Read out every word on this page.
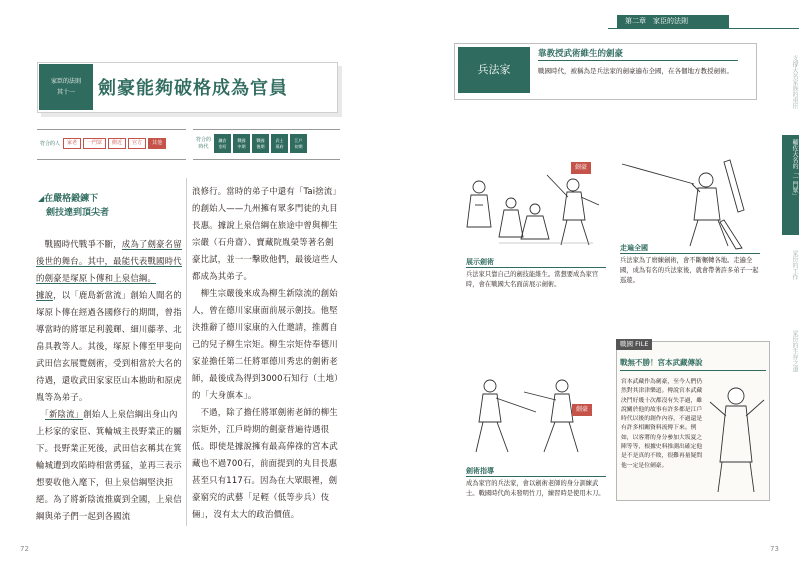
家臣的法則
其十一	劍豪能夠破格成為官員
符合的人	家老	一門眾	側近	官方	其他	符合的
時代
鎌倉
室町
戰國
中期
戰國
後期
武士
幕府
江戶
初期
◢在嚴格鍛鍊下
劍技達到頂尖者

　戰國時代戰爭不斷，成為了劍豪名留後世的舞台。其中，最能代表戰國時代的劍豪是塚原卜傳和上泉信綱。

據說，以「鹿島新當流」創始人聞名的塚原卜傳在經過各國修行的期間，曾指導當時的將軍足利義輝、細川藤孝、北畠具教等人。其後，塚原卜傳至甲斐向武田信玄展覽劍術，受到相當於大名的待遇，還收武田家家臣山本勘助和原虎胤等為弟子。

　「新陰流」創始人上泉信綱出身山內上杉家的家臣、箕輪城主長野業正的屬下。長野業正死後，武田信玄稱其在箕輪城遭到攻陷時相當勇猛，並再三表示想要收他入麾下，但上泉信綱堅決拒絕。為了將新陰流推廣到全國，上泉信綱與弟子們一起到各國流

浪修行。當時的弟子中還有「Tai捨流」的創始人——九州擁有眾多門徒的丸目長惠。據說上泉信綱在旅途中曾與柳生宗嚴（石舟齋）、寶藏院胤榮等著名劍豪比試，並一一擊敗他們，最後這些人都成為其弟子。

　柳生宗嚴後來成為柳生新陰流的創始人，曾在德川家康面前展示劍技。他堅決推辭了德川家康的入仕邀請，推薦自己的兒子柳生宗矩。柳生宗矩侍奉德川家並擔任第二任將軍德川秀忠的劍術老師，最後成為得到3000石知行（土地）的「大身旗本」。

　不過，除了擔任將軍劍術老師的柳生宗矩外，江戶時期的劍豪普遍待遇很低。即使是據說擁有最高俸祿的宮本武藏也不過700石，前面提到的丸目長惠甚至只有117石。因為在大眾眼裡，劍豪窮究的武藝「足輕（低等步兵）伎倆」，沒有太大的政治價值。

72
第二章　家臣的法則
支撐大名家族的重臣
輔佐大名的「一門眾」
家臣的工作
家臣的生存之道
兵法家
靠教授武術維生的劍豪
戰國時代，被稱為是兵法家的劍豪遍布全國，在各個地方教授劍術。
劍豪
展示劍術
兵法家只靠自己的劍技能維生。當想要成為家官時，會在戰國大名面前展示劍術。
走遍全國
兵法家為了磨練劍術，會不斷輾轉各地。走遍全國，成為有名的兵法家後，就會帶著許多弟子一起巡遊。
劍豪
劍術指導
成為家官的兵法家，會以劍術老師的身分訓練武士。戰國時代尚未發明竹刀，練習時是使用木刀。
戰國 FILE
戰無不勝！宮本武藏傳說
宮本武藏作為劍豪，至今人們仍然對其津津樂道。傳說宮本武藏決鬥好幾十次都沒有失手過，雖說關於他的故事有許多都是江戶時代以後的創作內容，不過還是有許多相關資料流傳下來。例如，以客將的身分參加大坂夏之陣等等，根據史料推測出確定他是不是真的不敗，很難再量疑問他一定是位劍豪。
73
